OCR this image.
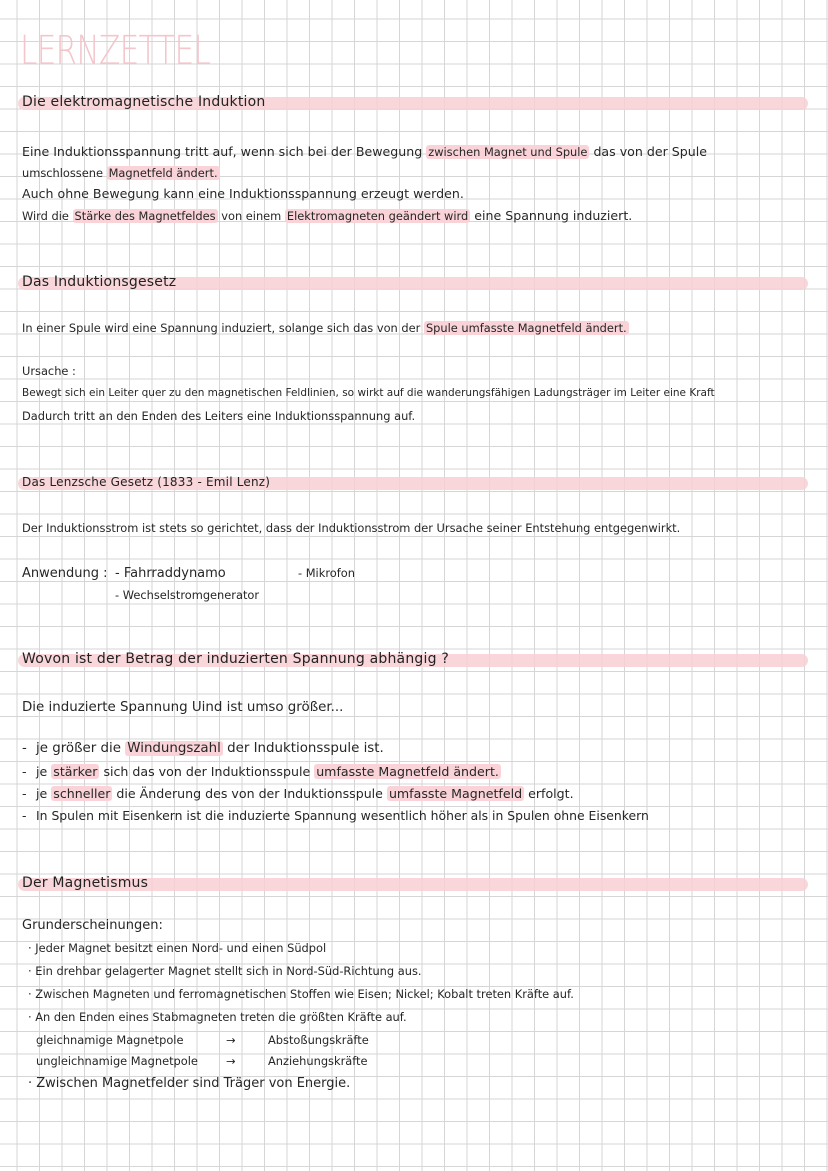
LERNZETTEL
Die elektromagnetische Induktion
Eine Induktionsspannung tritt auf, wenn sich bei der Bewegung zwischen Magnet und Spule das von der Spule
umschlossene Magnetfeld ändert.
Auch ohne Bewegung kann eine Induktionsspannung erzeugt werden.
Wird die Stärke des Magnetfeldes von einem Elektromagneten geändert wird eine Spannung induziert.
Das Induktionsgesetz
In einer Spule wird eine Spannung induziert, solange sich das von der Spule umfasste Magnetfeld ändert.
Ursache :
Bewegt sich ein Leiter quer zu den magnetischen Feldlinien, so wirkt auf die wanderungsfähigen Ladungsträger im Leiter eine Kraft
Dadurch tritt an den Enden des Leiters eine Induktionsspannung auf.
Das Lenzsche Gesetz (1833 - Emil Lenz)
Der Induktionsstrom ist stets so gerichtet, dass der Induktionsstrom der Ursache seiner Entstehung entgegenwirkt.
Anwendung : - Fahrraddynamo
- Wechselstromgenerator
- Mikrofon
Wovon ist der Betrag der induzierten Spannung abhängig ?
Die induzierte Spannung Uind ist umso größer...
- je größer die Windungszahl der Induktionsspule ist.
- je stärker sich das von der Induktionsspule umfasste Magnetfeld ändert.
- je schneller die Änderung des von der Induktionsspule umfasste Magnetfeld erfolgt.
- In Spulen mit Eisenkern ist die induzierte Spannung wesentlich höher als in Spulen ohne Eisenkern
Der Magnetismus
Grunderscheinungen:
· Jeder Magnet besitzt einen Nord- und einen Südpol
· Ein drehbar gelagerter Magnet stellt sich in Nord-Süd-Richtung aus.
· Zwischen Magneten und ferromagnetischen Stoffen wie Eisen; Nickel; Kobalt treten Kräfte auf.
· An den Enden eines Stabmagneten treten die größten Kräfte auf.
gleichnamige Magnetpole	→	Abstoßungskräfte
ungleichnamige Magnetpole →	Anziehungskräfte
· Zwischen Magnetfelder sind Träger von Energie.
